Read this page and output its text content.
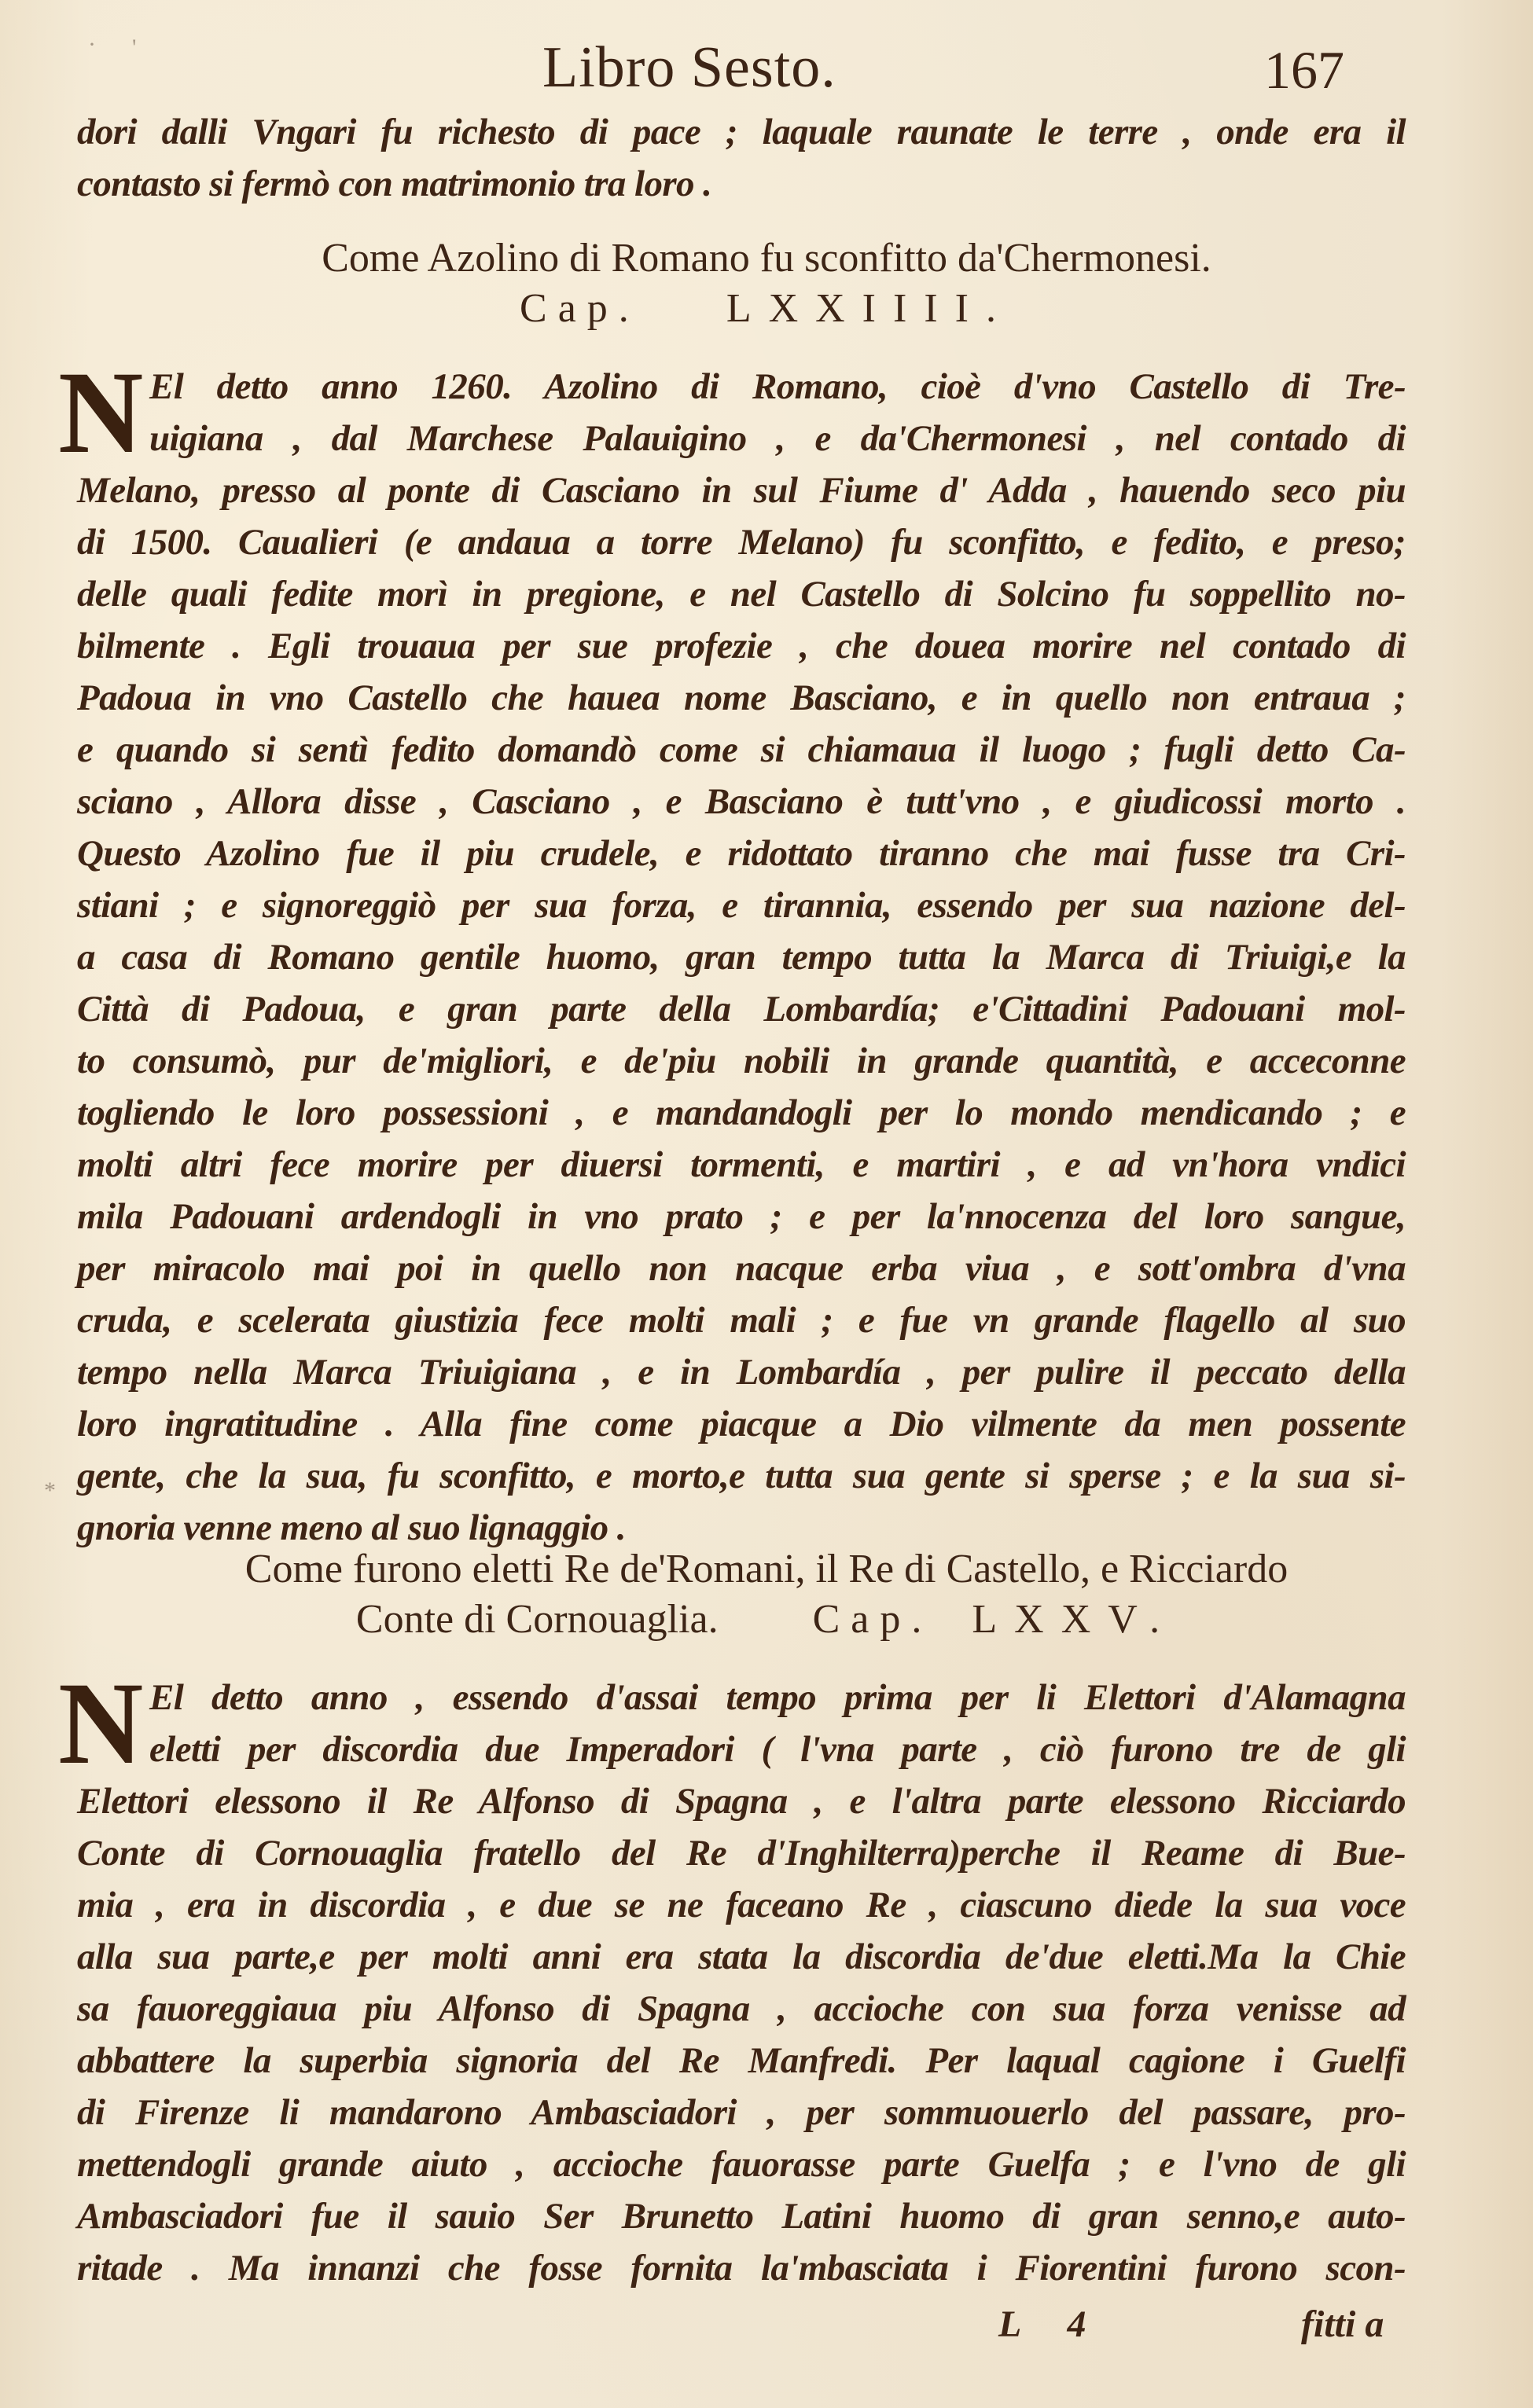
Libro Sesto.	167
· '
*
dori dalli Vngari fu richesto di pace ; laquale raunate le terre , onde era il
contasto si fermò con matrimonio tra loro .
Come Azolino di Romano fu sconfitto da'Chermonesi.
Cap. LXXIIII.
N El detto anno 1260. Azolino di Romano, cioè d'vno Castello di Tre-
uigiana , dal Marchese Palauigino , e da'Chermonesi , nel contado di
Melano, presso al ponte di Casciano in sul Fiume d' Adda , hauendo seco piu
di 1500. Caualieri (e andaua a torre Melano) fu sconfitto, e fedito, e preso;
delle quali fedite morì in pregione, e nel Castello di Solcino fu soppellito no-
bilmente . Egli trouaua per sue profezie , che douea morire nel contado di
Padoua in vno Castello che hauea nome Basciano, e in quello non entraua ;
e quando si sentì fedito domandò come si chiamaua il luogo ; fugli detto Ca-
sciano , Allora disse , Casciano , e Basciano è tutt'vno , e giudicossi morto .
Questo Azolino fue il piu crudele, e ridottato tiranno che mai fusse tra Cri-
stiani ; e signoreggiò per sua forza, e tirannia, essendo per sua nazione del-
a casa di Romano gentile huomo, gran tempo tutta la Marca di Triuigi,e la
Città di Padoua, e gran parte della Lombardía; e'Cittadini Padouani mol-
to consumò, pur de'migliori, e de'piu nobili in grande quantità, e acceconne
togliendo le loro possessioni , e mandandogli per lo mondo mendicando ; e
molti altri fece morire per diuersi tormenti, e martiri , e ad vn'hora vndici
mila Padouani ardendogli in vno prato ; e per la'nnocenza del loro sangue,
per miracolo mai poi in quello non nacque erba viua , e sott'ombra d'vna
cruda, e scelerata giustizia fece molti mali ; e fue vn grande flagello al suo
tempo nella Marca Triuigiana , e in Lombardía , per pulire il peccato della
loro ingratitudine . Alla fine come piacque a Dio vilmente da men possente
gente, che la sua, fu sconfitto, e morto,e tutta sua gente si sperse ; e la sua si-
gnoria venne meno al suo lignaggio .
Come furono eletti Re de'Romani, il Re di Castello, e Ricciardo
Conte di Cornouaglia. Cap. LXXV.
N El detto anno , essendo d'assai tempo prima per li Elettori d'Alamagna
eletti per discordia due Imperadori ( l'vna parte , ciò furono tre de gli
Elettori elessono il Re Alfonso di Spagna , e l'altra parte elessono Ricciardo
Conte di Cornouaglia fratello del Re d'Inghilterra)perche il Reame di Bue-
mia , era in discordia , e due se ne faceano Re , ciascuno diede la sua voce
alla sua parte,e per molti anni era stata la discordia de'due eletti.Ma la Chie
sa fauoreggiaua piu Alfonso di Spagna , accioche con sua forza venisse ad
abbattere la superbia signoria del Re Manfredi. Per laqual cagione i Guelfi
di Firenze li mandarono Ambasciadori , per sommuouerlo del passare, pro-
mettendogli grande aiuto , accioche fauorasse parte Guelfa ; e l'vno de gli
Ambasciadori fue il sauio Ser Brunetto Latini huomo di gran senno,e auto-
ritade . Ma innanzi che fosse fornita la'mbasciata i Fiorentini furono scon-
L 4	fitti a
